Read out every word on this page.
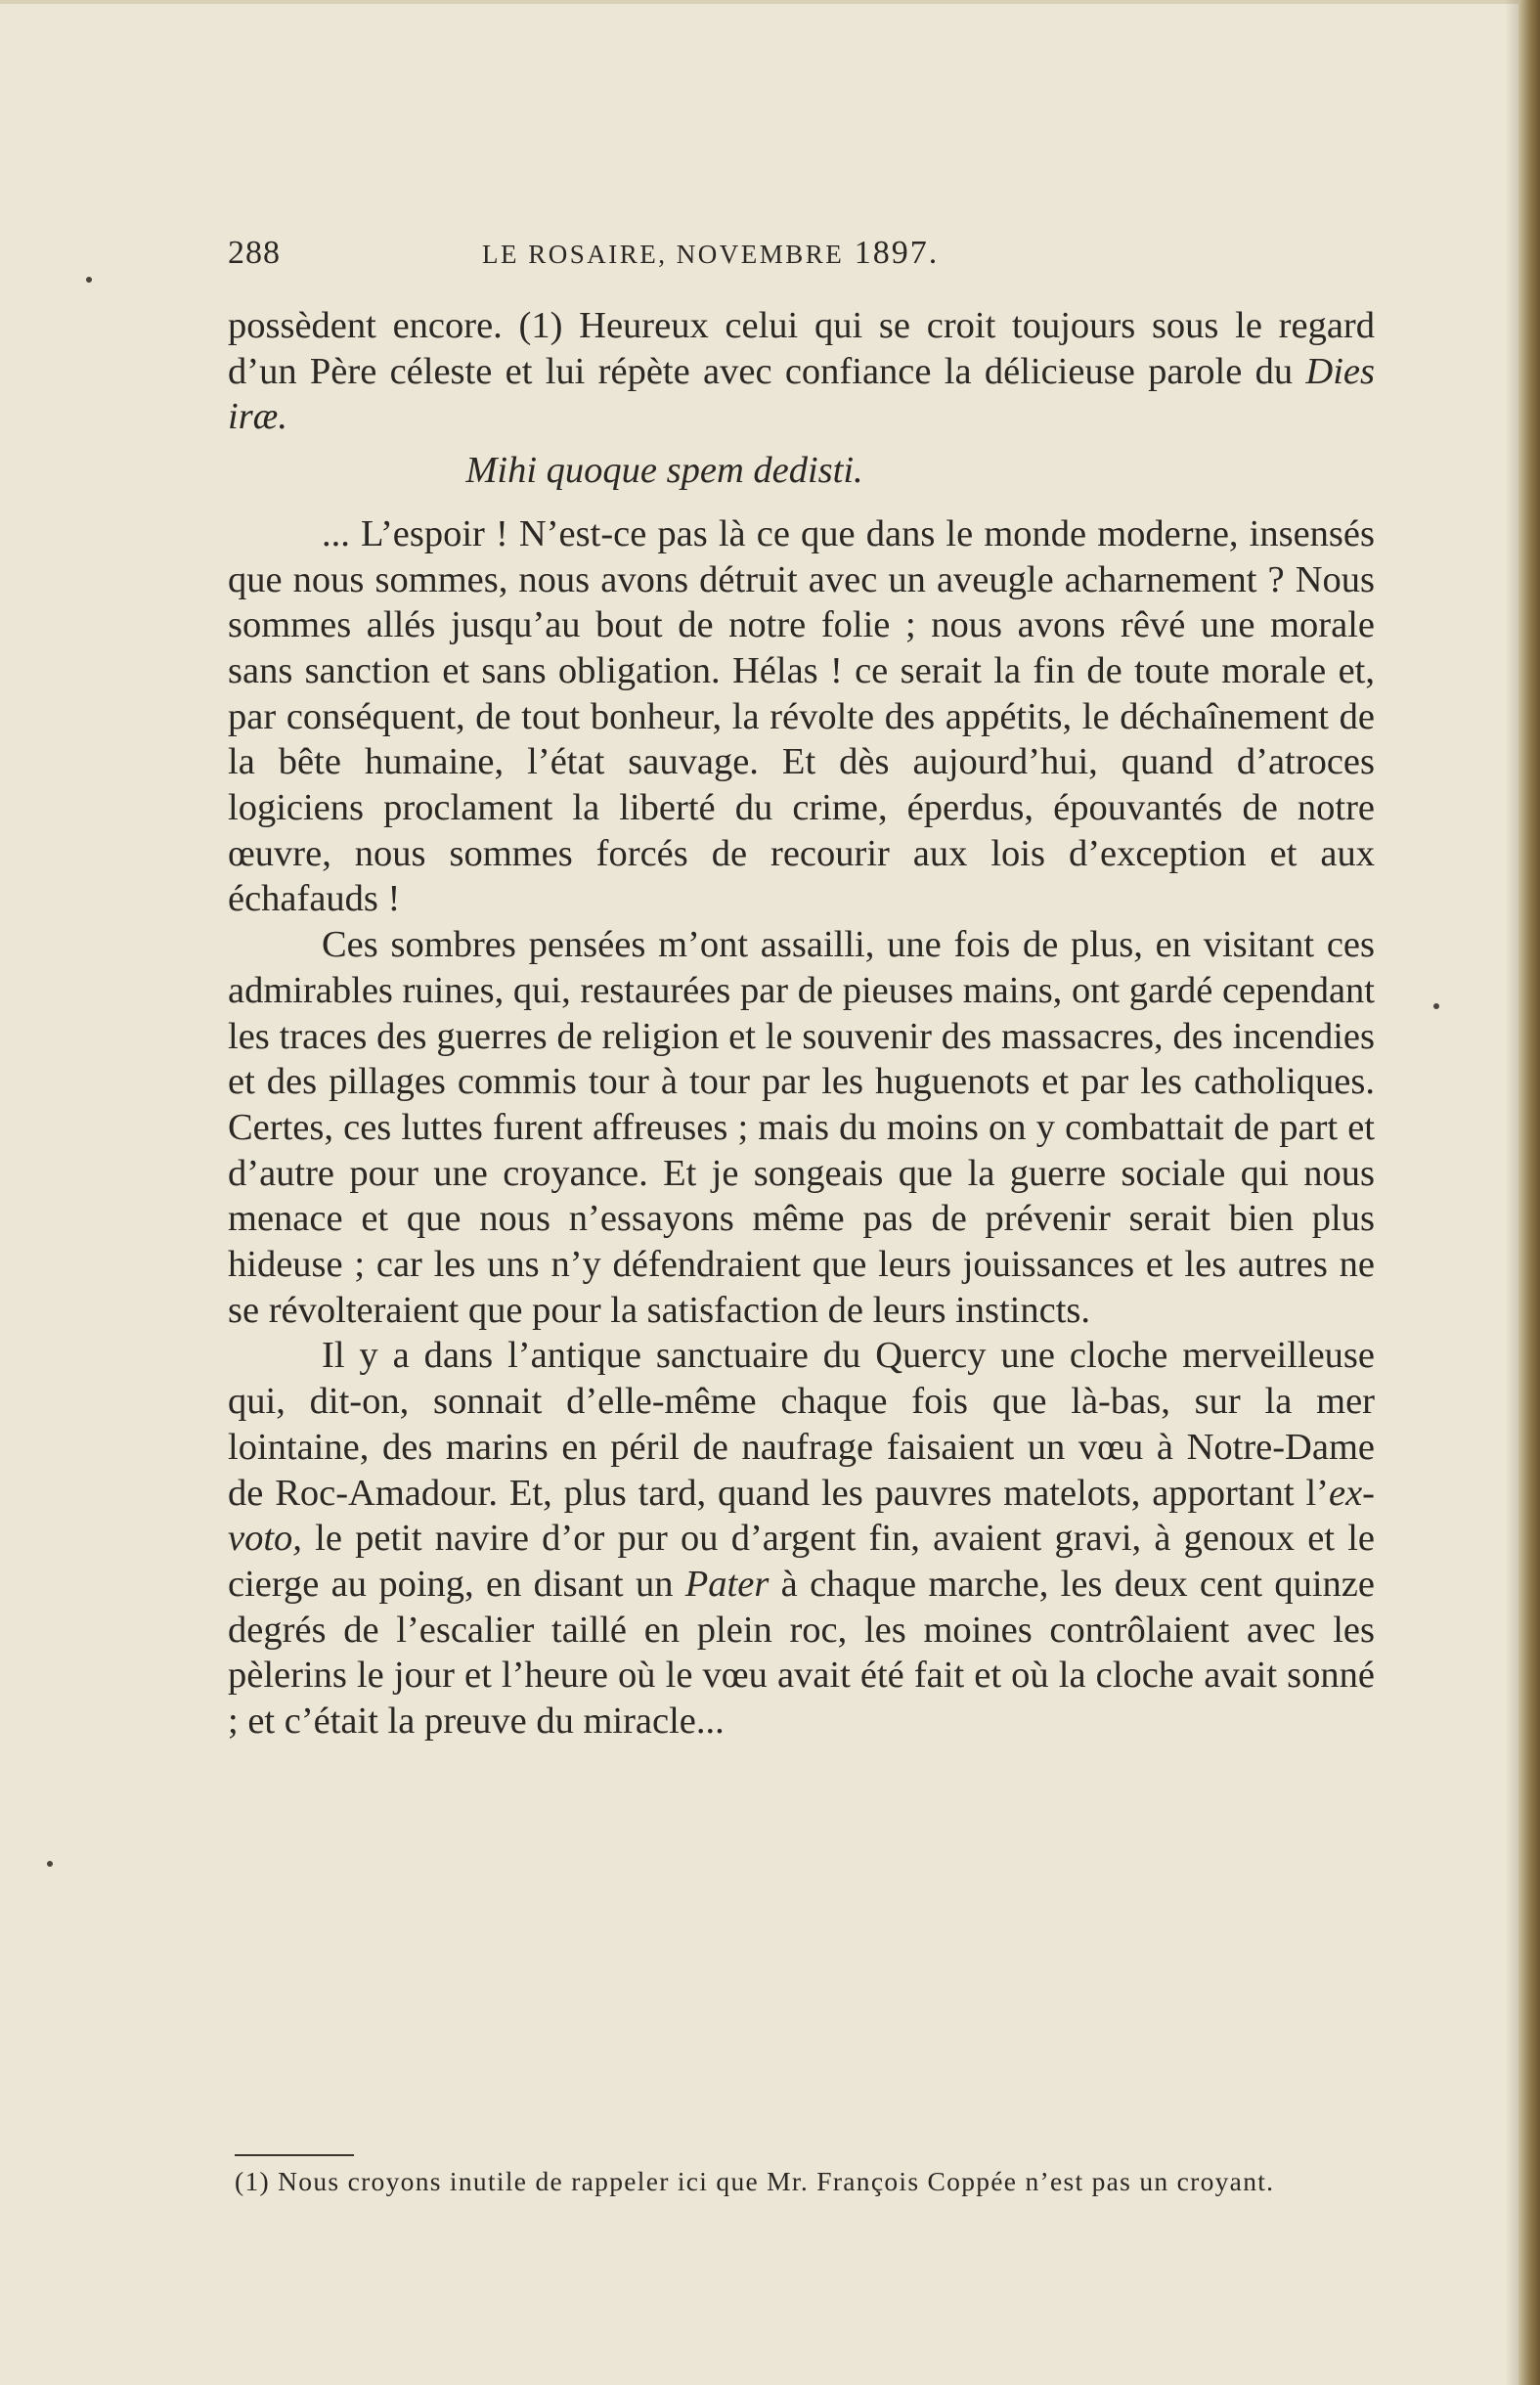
288	LE ROSAIRE, NOVEMBRE 1897.

possèdent encore. (1) Heureux celui qui se croit toujours sous le regard d’un Père céleste et lui répète avec confiance la délicieuse parole du Dies iræ.

Mihi quoque spem dedisti.

... L’espoir ! N’est-ce pas là ce que dans le monde moderne, insensés que nous sommes, nous avons détruit avec un aveugle acharnement ? Nous sommes allés jusqu’au bout de notre folie ; nous avons rêvé une morale sans sanction et sans obligation. Hélas ! ce serait la fin de toute morale et, par conséquent, de tout bonheur, la révolte des appétits, le déchaînement de la bête humaine, l’état sauvage. Et dès aujourd’hui, quand d’atroces logiciens proclament la liberté du crime, éperdus, épouvantés de notre œuvre, nous sommes forcés de recourir aux lois d’exception et aux échafauds !

Ces sombres pensées m’ont assailli, une fois de plus, en visitant ces admirables ruines, qui, restaurées par de pieuses mains, ont gardé cependant les traces des guerres de religion et le souvenir des massacres, des incendies et des pillages commis tour à tour par les huguenots et par les catholiques. Certes, ces luttes furent affreuses ; mais du moins on y combattait de part et d’autre pour une croyance. Et je songeais que la guerre sociale qui nous menace et que nous n’essayons même pas de prévenir serait bien plus hideuse ; car les uns n’y défendraient que leurs jouissances et les autres ne se révolteraient que pour la satisfaction de leurs instincts.

Il y a dans l’antique sanctuaire du Quercy une cloche merveilleuse qui, dit-on, sonnait d’elle-même chaque fois que là-bas, sur la mer lointaine, des marins en péril de naufrage faisaient un vœu à Notre-Dame de Roc-Amadour. Et, plus tard, quand les pauvres matelots, apportant l’ex-voto, le petit navire d’or pur ou d’argent fin, avaient gravi, à genoux et le cierge au poing, en disant un Pater à chaque marche, les deux cent quinze degrés de l’escalier taillé en plein roc, les moines contrôlaient avec les pèlerins le jour et l’heure où le vœu avait été fait et où la cloche avait sonné ; et c’était la preuve du miracle...

(1) Nous croyons inutile de rappeler ici que Mr. François Coppée n’est pas un croyant.
